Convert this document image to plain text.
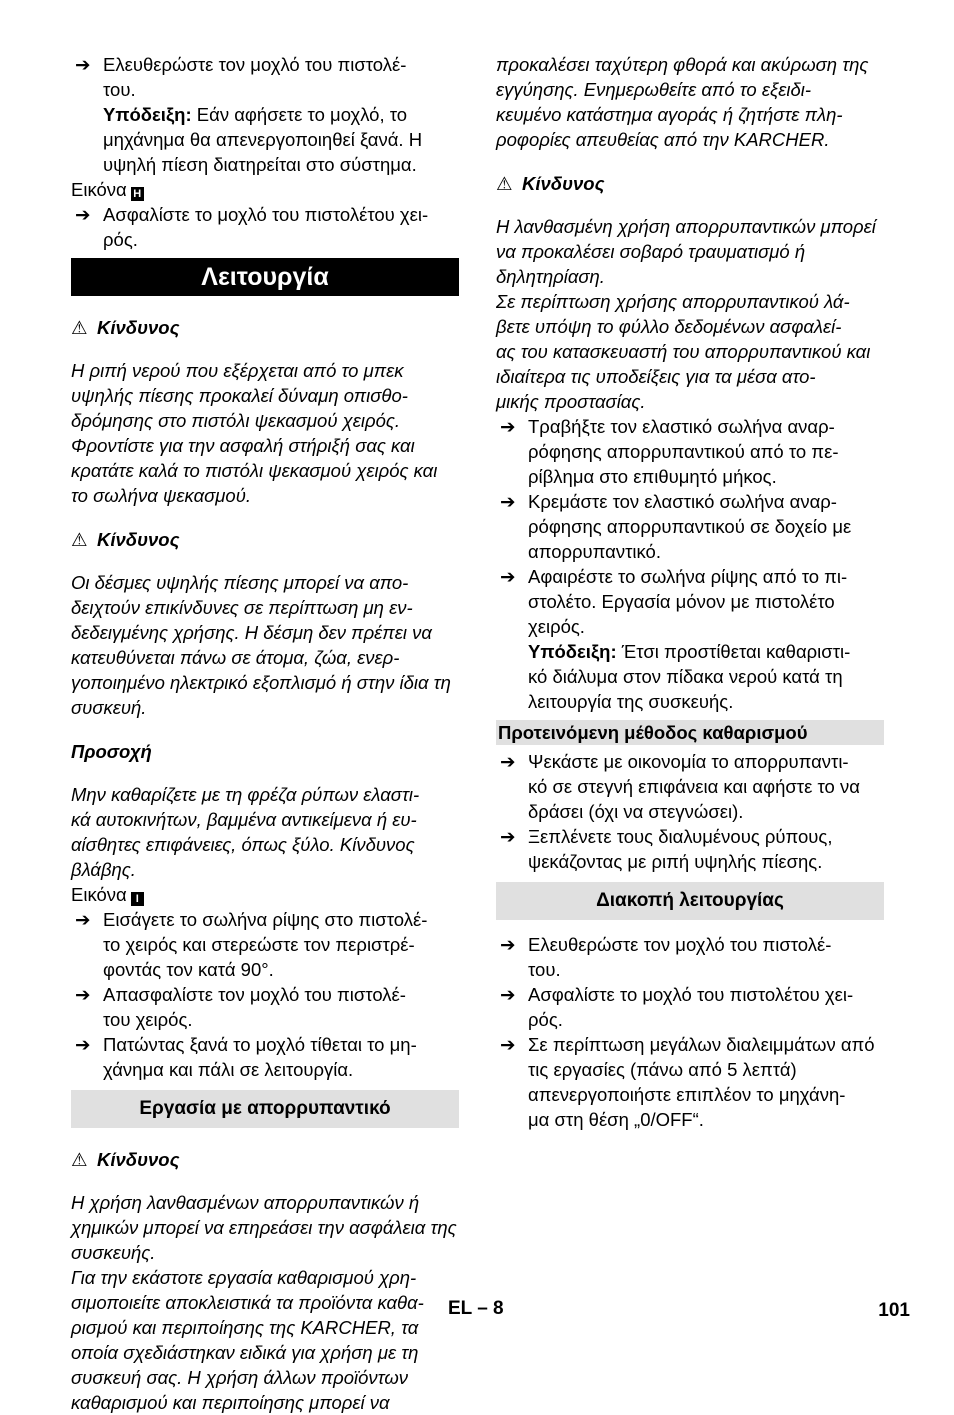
➔ Ελευθερώστε τον μοχλό του πιστολέ-
του.

Υπόδειξη: Εάν αφήσετε το μοχλό, το μηχάνημα θα απενεργοποιηθεί ξανά. Η υψηλή πίεση διατηρείται στο σύστημα.

Εικόνα H

➔ Ασφαλίστε το μοχλό του πιστολέτου χει-
ρός.

Λειτουργία

⚠ Κίνδυνος

Η ριπή νερού που εξέρχεται από το μπεκ υψηλής πίεσης προκαλεί δύναμη οπισθο-
δρόμησης στο πιστόλι ψεκασμού χειρός. Φροντίστε για την ασφαλή στήριξή σας και κρατάτε καλά το πιστόλι ψεκασμού χειρός και το σωλήνα ψεκασμού.

⚠ Κίνδυνος

Οι δέσμες υψηλής πίεσης μπορεί να απο-
δειχτούν επικίνδυνες σε περίπτωση μη εν-
δεδειγμένης χρήσης. Η δέσμη δεν πρέπει να κατευθύνεται πάνω σε άτομα, ζώα, ενερ-
γοποιημένο ηλεκτρικό εξοπλισμό ή στην ίδια τη συσκευή.

Προσοχή

Μην καθαρίζετε με τη φρέζα ρύπων ελαστι-
κά αυτοκινήτων, βαμμένα αντικείμενα ή ευ-
αίσθητες επιφάνειες, όπως ξύλο. Κίνδυνος βλάβης.

Εικόνα I

➔ Εισάγετε το σωλήνα ρίψης στο πιστολέ-
το χειρός και στερεώστε τον περιστρέ-
φοντάς τον κατά 90°.

➔ Απασφαλίστε τον μοχλό του πιστολέ-
του χειρός.

➔ Πατώντας ξανά το μοχλό τίθεται το μη-
χάνημα και πάλι σε λειτουργία.

Εργασία με απορρυπαντικό

⚠ Κίνδυνος

Η χρήση λανθασμένων απορρυπαντικών ή χημικών μπορεί να επηρεάσει την ασφάλεια της συσκευής.

Για την εκάστοτε εργασία καθαρισμού χρη-
σιμοποιείτε αποκλειστικά τα προϊόντα καθα-
ρισμού και περιποίησης της KARCHER, τα οποία σχεδιάστηκαν ειδικά για χρήση με τη συσκευή σας. Η χρήση άλλων προϊόντων καθαρισμού και περιποίησης μπορεί να

προκαλέσει ταχύτερη φθορά και ακύρωση της εγγύησης. Ενημερωθείτε από το εξειδι-
κευμένο κατάστημα αγοράς ή ζητήστε πλη-
ροφορίες απευθείας από την KARCHER.

⚠ Κίνδυνος

Η λανθασμένη χρήση απορρυπαντικών μπορεί να προκαλέσει σοβαρό τραυματισμό ή δηλητηρίαση.

Σε περίπτωση χρήσης απορρυπαντικού λά-
βετε υπόψη το φύλλο δεδομένων ασφαλεί-
ας του κατασκευαστή του απορρυπαντικού και ιδιαίτερα τις υποδείξεις για τα μέσα ατο-
μικής προστασίας.

➔ Τραβήξτε τον ελαστικό σωλήνα αναρ-
ρόφησης απορρυπαντικού από το πε-
ρίβλημα στο επιθυμητό μήκος.

➔ Κρεμάστε τον ελαστικό σωλήνα αναρ-
ρόφησης απορρυπαντικού σε δοχείο με απορρυπαντικό.

➔ Αφαιρέστε το σωλήνα ρίψης από το πι-
στολέτο. Εργασία μόνον με πιστολέτο χειρός.

Υπόδειξη: Έτσι προστίθεται καθαριστι-
κό διάλυμα στον πίδακα νερού κατά τη λειτουργία της συσκευής.

Προτεινόμενη μέθοδος καθαρισμού

➔ Ψεκάστε με οικονομία το απορρυπαντι-
κό σε στεγνή επιφάνεια και αφήστε το να δράσει (όχι να στεγνώσει).

➔ Ξεπλένετε τους διαλυμένους ρύπους, ψεκάζοντας με ριπή υψηλής πίεσης.

Διακοπή λειτουργίας

➔ Ελευθερώστε τον μοχλό του πιστολέ-
του.

➔ Ασφαλίστε το μοχλό του πιστολέτου χει-
ρός.

➔ Σε περίπτωση μεγάλων διαλειμμάτων από τις εργασίες (πάνω από 5 λεπτά) απενεργοποιήστε επιπλέον το μηχάνη-
μα στη θέση „0/OFF“.

EL – 8	101
